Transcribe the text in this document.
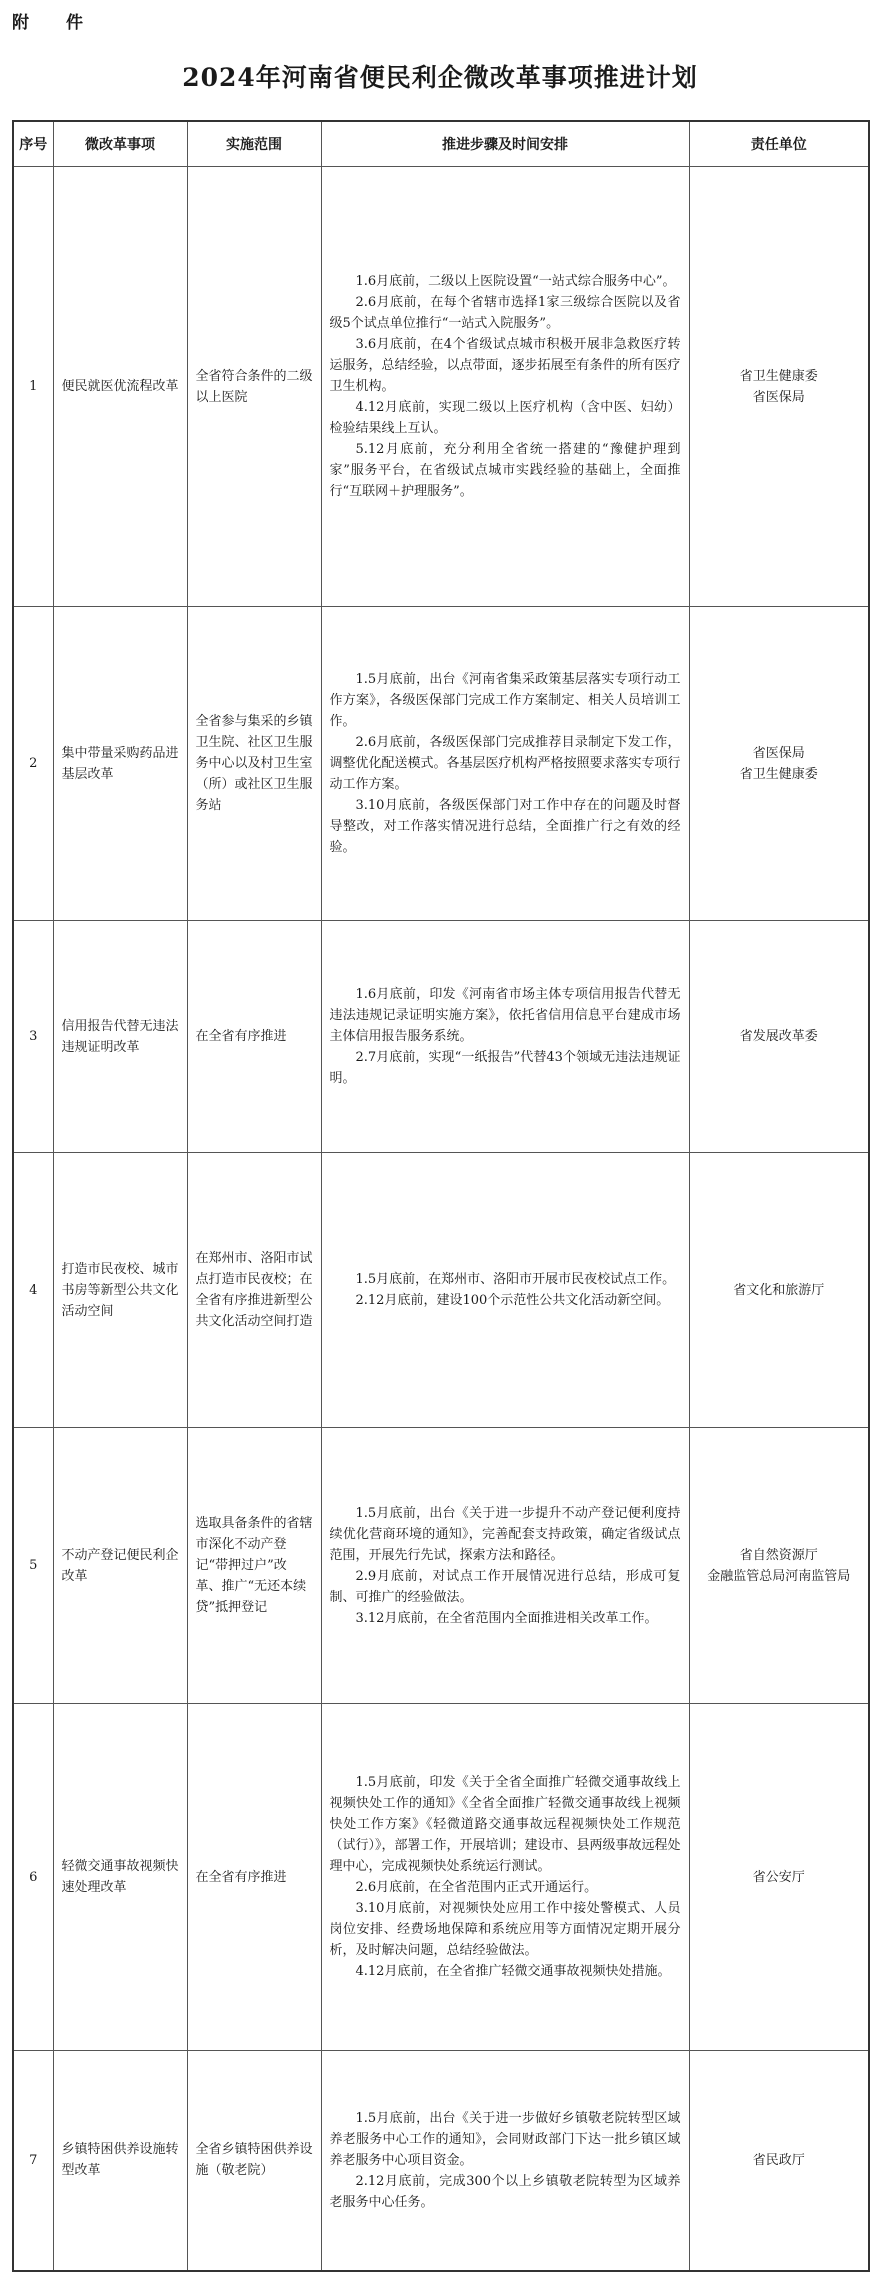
附　件
2024年河南省便民利企微改革事项推进计划
序号	微改革事项	实施范围	推进步骤及时间安排	责任单位
1	便民就医优流程改革	全省符合条件的二级以上医院	1.6月底前，二级以上医院设置“一站式综合服务中心”。
2.6月底前，在每个省辖市选择1家三级综合医院以及省级5个试点单位推行“一站式入院服务”。
3.6月底前，在4个省级试点城市积极开展非急救医疗转运服务，总结经验，以点带面，逐步拓展至有条件的所有医疗卫生机构。
4.12月底前，实现二级以上医疗机构（含中医、妇幼）检验结果线上互认。
5.12月底前，充分利用全省统一搭建的“豫健护理到家”服务平台，在省级试点城市实践经验的基础上，全面推行“互联网＋护理服务”。	省卫生健康委
省医保局

2	集中带量采购药品进基层改革	全省参与集采的乡镇卫生院、社区卫生服务中心以及村卫生室（所）或社区卫生服务站	1.5月底前，出台《河南省集采政策基层落实专项行动工作方案》，各级医保部门完成工作方案制定、相关人员培训工作。
2.6月底前，各级医保部门完成推荐目录制定下发工作，调整优化配送模式。各基层医疗机构严格按照要求落实专项行动工作方案。
3.10月底前，各级医保部门对工作中存在的问题及时督导整改，对工作落实情况进行总结，全面推广行之有效的经验。	省医保局
省卫生健康委

3	信用报告代替无违法违规证明改革	在全省有序推进	1.6月底前，印发《河南省市场主体专项信用报告代替无违法违规记录证明实施方案》，依托省信用信息平台建成市场主体信用报告服务系统。
2.7月底前，实现“一纸报告”代替43个领域无违法违规证明。	省发展改革委

4	打造市民夜校、城市书房等新型公共文化活动空间	在郑州市、洛阳市试点打造市民夜校；在全省有序推进新型公共文化活动空间打造	1.5月底前，在郑州市、洛阳市开展市民夜校试点工作。
2.12月底前，建设100个示范性公共文化活动新空间。	省文化和旅游厅

5	不动产登记便民利企改革	选取具备条件的省辖市深化不动产登记“带押过户”改革、推广“无还本续贷”抵押登记	1.5月底前，出台《关于进一步提升不动产登记便利度持续优化营商环境的通知》，完善配套支持政策，确定省级试点范围，开展先行先试，探索方法和路径。
2.9月底前，对试点工作开展情况进行总结，形成可复制、可推广的经验做法。
3.12月底前，在全省范围内全面推进相关改革工作。	省自然资源厅
金融监管总局河南监管局

6	轻微交通事故视频快速处理改革	在全省有序推进	1.5月底前，印发《关于全省全面推广轻微交通事故线上视频快处工作的通知》《全省全面推广轻微交通事故线上视频快处工作方案》《轻微道路交通事故远程视频快处工作规范（试行）》，部署工作，开展培训；建设市、县两级事故远程处理中心，完成视频快处系统运行测试。
2.6月底前，在全省范围内正式开通运行。
3.10月底前，对视频快处应用工作中接处警模式、人员岗位安排、经费场地保障和系统应用等方面情况定期开展分析，及时解决问题，总结经验做法。
4.12月底前，在全省推广轻微交通事故视频快处措施。	省公安厅

7	乡镇特困供养设施转型改革	全省乡镇特困供养设施（敬老院）	1.5月底前，出台《关于进一步做好乡镇敬老院转型区域养老服务中心工作的通知》，会同财政部门下达一批乡镇区域养老服务中心项目资金。
2.12月底前，完成300个以上乡镇敬老院转型为区域养老服务中心任务。	省民政厅
